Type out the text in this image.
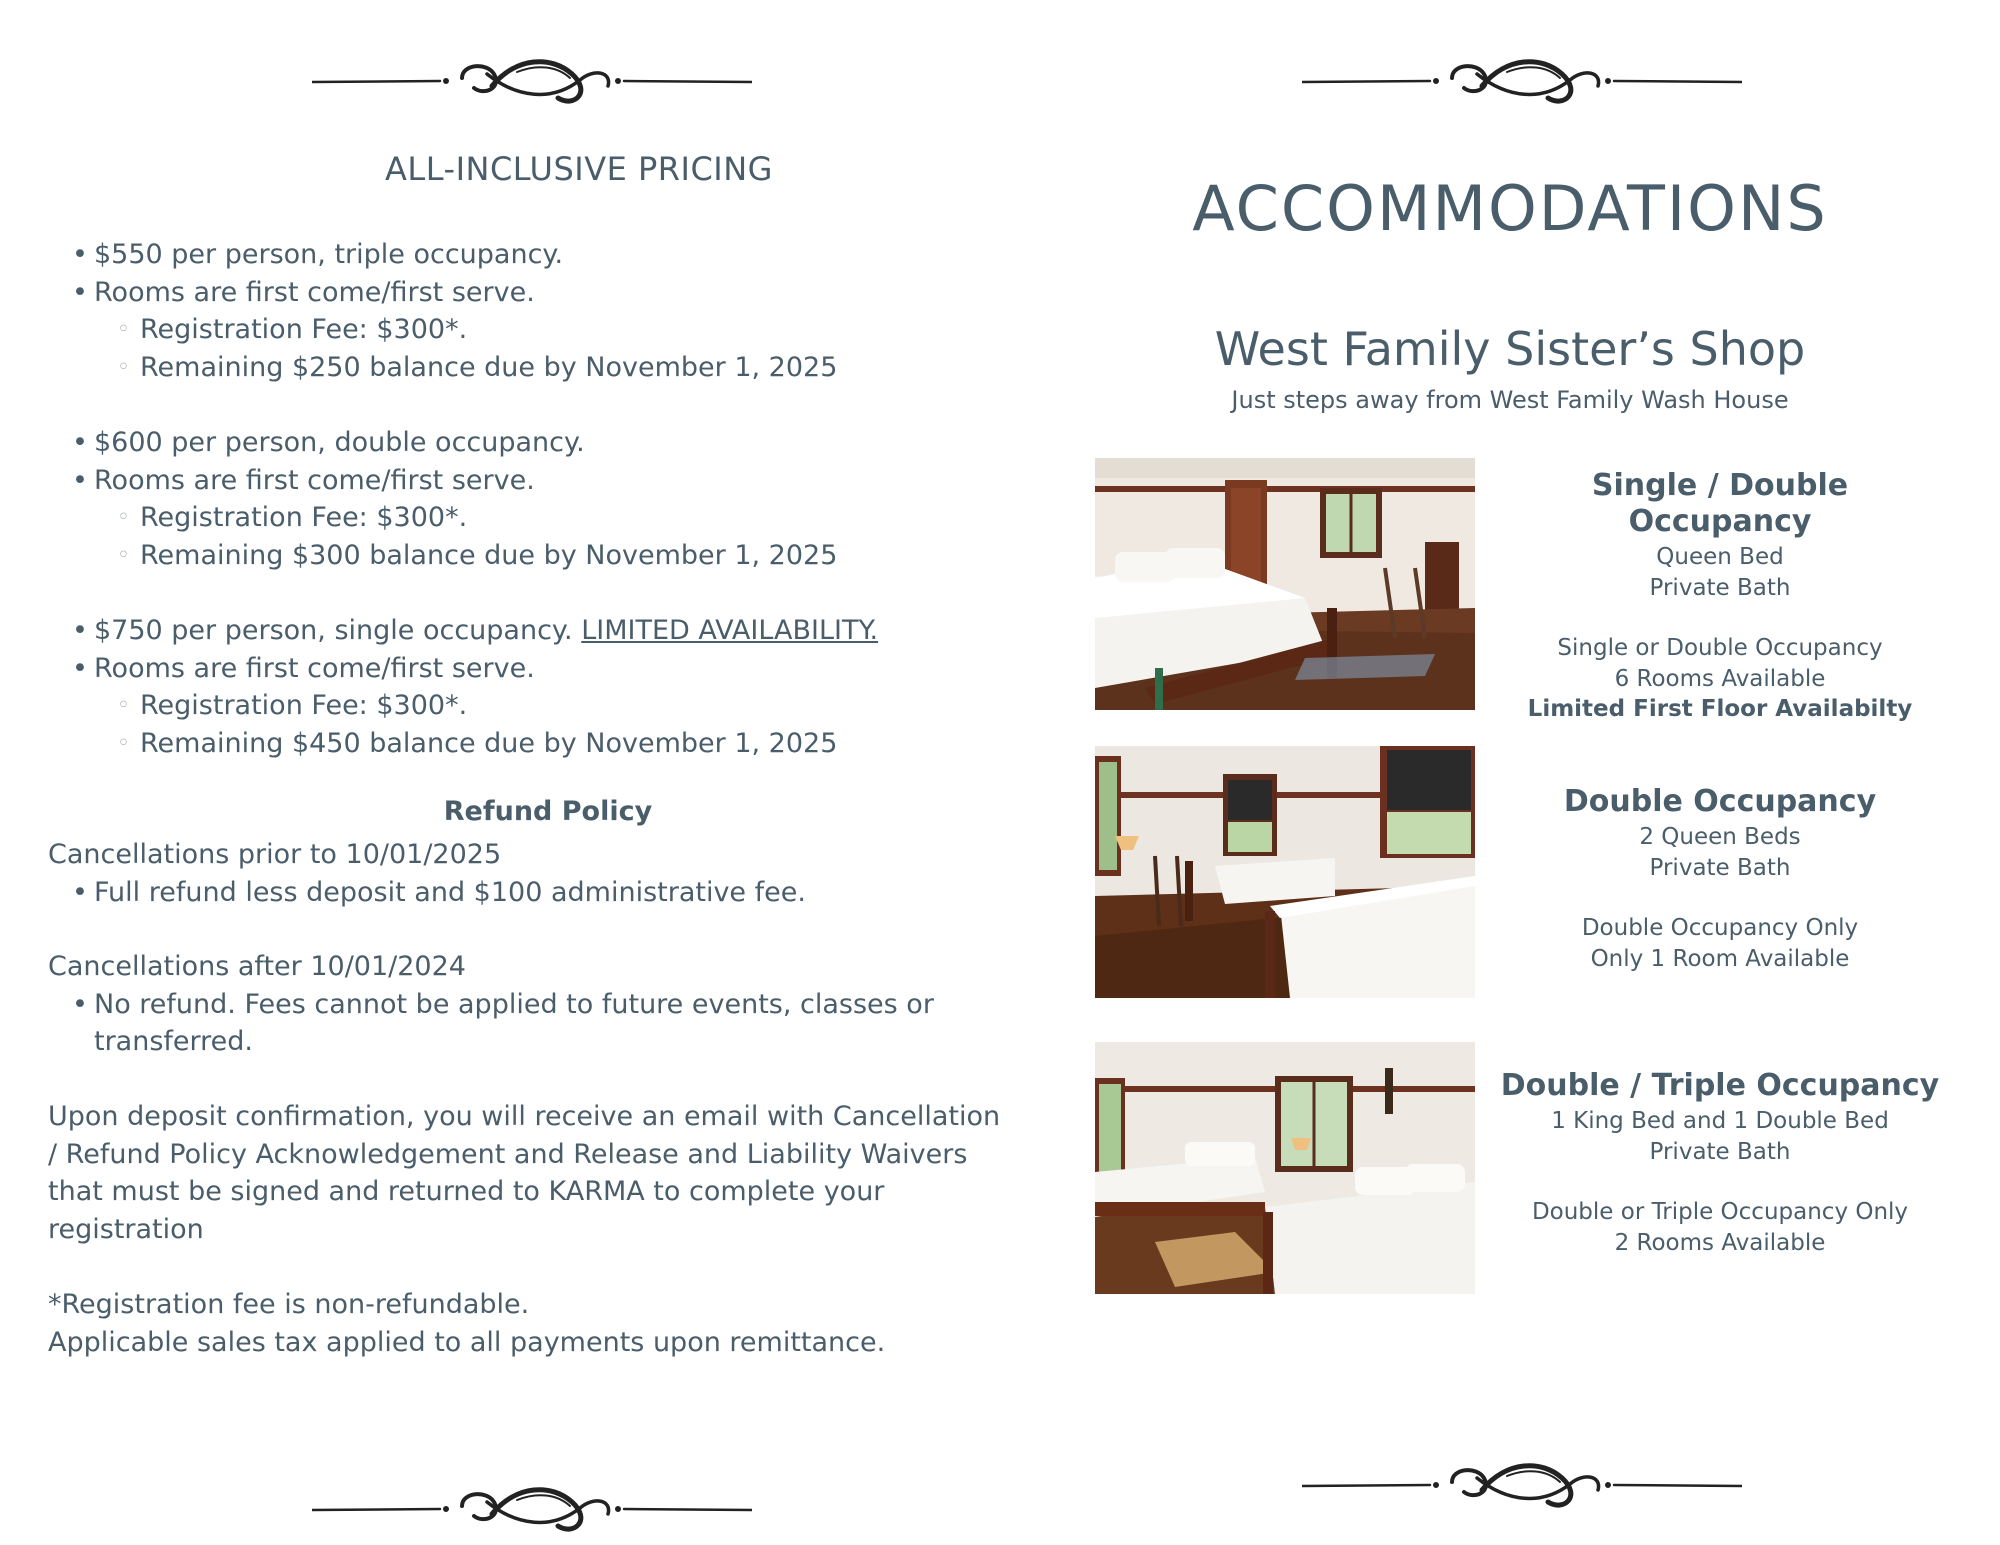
ALL-INCLUSIVE PRICING
• $550 per person, triple occupancy.
• Rooms are first come/first serve.
◦ Registration Fee: $300*.
◦ Remaining $250 balance due by November 1, 2025
• $600 per person, double occupancy.
• Rooms are first come/first serve.
◦ Registration Fee: $300*.
◦ Remaining $300 balance due by November 1, 2025
• $750 per person, single occupancy. LIMITED AVAILABILITY.
• Rooms are first come/first serve.
◦ Registration Fee: $300*.
◦ Remaining $450 balance due by November 1, 2025
Refund Policy
Cancellations prior to 10/01/2025
• Full refund less deposit and $100 administrative fee.
Cancellations after 10/01/2024
• No refund. Fees cannot be applied to future events, classes or transferred.
Upon deposit confirmation, you will receive an email with Cancellation / Refund Policy Acknowledgement and Release and Liability Waivers that must be signed and returned to KARMA to complete your registration
*Registration fee is non-refundable.
Applicable sales tax applied to all payments upon remittance.
ACCOMMODATIONS
West Family Sister’s Shop
Just steps away from West Family Wash House
Single / Double Occupancy
Queen Bed
Private Bath
Single or Double Occupancy
6 Rooms Available
Limited First Floor Availabilty
Double Occupancy
2 Queen Beds
Private Bath
Double Occupancy Only
Only 1 Room Available
Double / Triple Occupancy
1 King Bed and 1 Double Bed
Private Bath
Double or Triple Occupancy Only
2 Rooms Available
